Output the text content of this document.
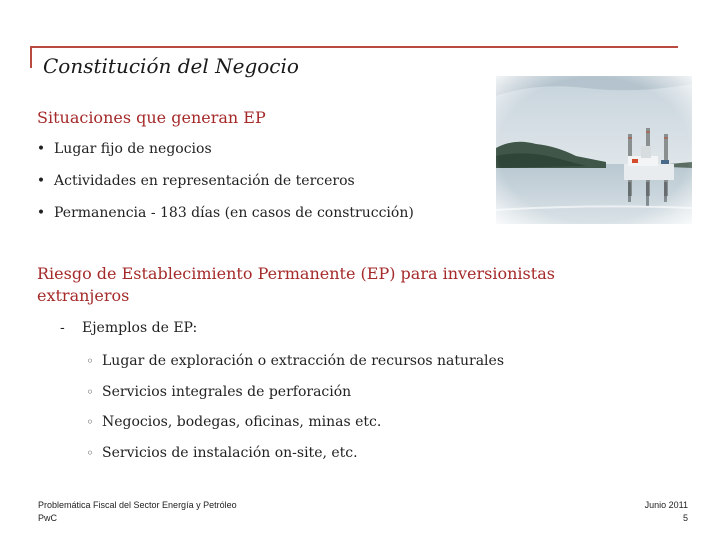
Constitución del Negocio
Situaciones que generan EP
• Lugar fijo de negocios
• Actividades en representación de terceros
• Permanencia - 183 días (en casos de construcción)
Riesgo de Establecimiento Permanente (EP) para inversionistas extranjeros
- Ejemplos de EP:
◦ Lugar de exploración o extracción de recursos naturales
◦ Servicios integrales de perforación
◦ Negocios, bodegas, oficinas, minas etc.
◦ Servicios de instalación on-site, etc.
Problemática Fiscal del Sector Energía y Petróleo
PwC
Junio 2011
5
